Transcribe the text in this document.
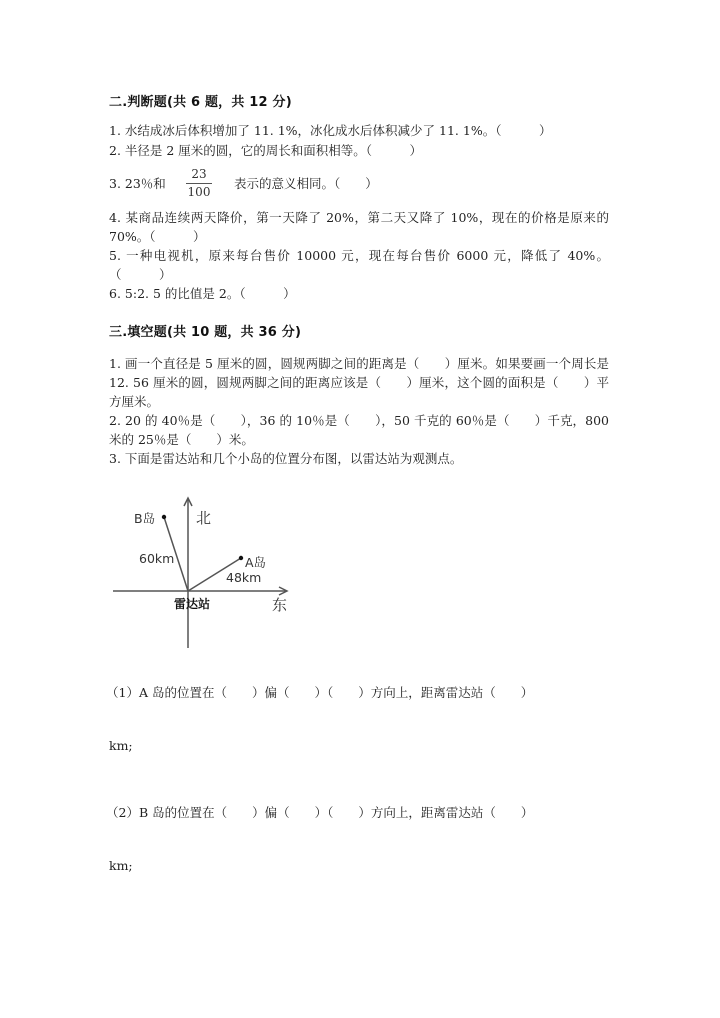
二.判断题(共 6 题，共 12 分)
1. 水结成冰后体积增加了 11. 1%，冰化成水后体积减少了 11. 1%。（　　　）
2. 半径是 2 厘米的圆，它的周长和面积相等。（　　　）
3. 23％和
23
100
表示的意义相同。（　　）
4. 某商品连续两天降价，第一天降了 20%，第二天又降了 10%，现在的价格是原来的 70%。（　　　）
5. 一种电视机，原来每台售价 10000 元，现在每台售价 6000 元，降低了 40%。（　　　）
6. 5:2. 5 的比值是 2。（　　　）
三.填空题(共 10 题，共 36 分)
1. 画一个直径是 5 厘米的圆，圆规两脚之间的距离是（　　）厘米。如果要画一个周长是 12. 56 厘米的圆，圆规两脚之间的距离应该是（　　）厘米，这个圆的面积是（　　）平方厘米。
2. 20 的 40％是（　　），36 的 10％是（　　），50 千克的 60％是（　　）千克，800 米的 25％是（　　）米。
3. 下面是雷达站和几个小岛的位置分布图，以雷达站为观测点。
B岛	北
60km	A岛
48km
雷达站	东
（1）A 岛的位置在（　　）偏（　　）（　　）方向上，距离雷达站（　　）
km;
（2）B 岛的位置在（　　）偏（　　）（　　）方向上，距离雷达站（　　）
km;
